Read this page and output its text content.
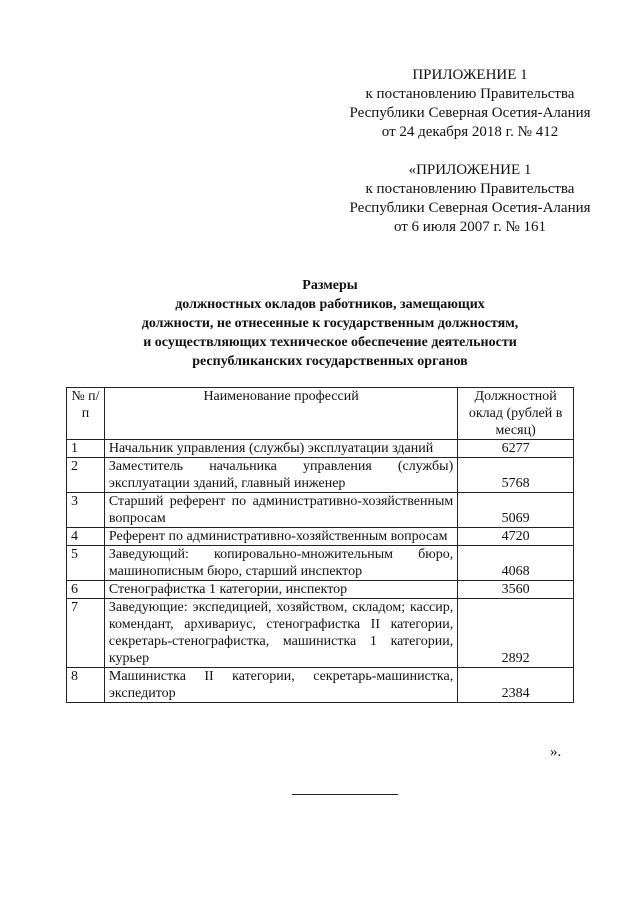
ПРИЛОЖЕНИЕ 1
к постановлению Правительства
Республики Северная Осетия-Алания
от 24 декабря 2018 г. № 412
«ПРИЛОЖЕНИЕ 1
к постановлению Правительства
Республики Северная Осетия-Алания
от 6 июля 2007 г. № 161
Размеры
должностных окладов работников, замещающих
должности, не отнесенные к государственным должностям,
и осуществляющих техническое обеспечение деятельности
республиканских государственных органов
№ п/п	Наименование профессий	Должностной оклад (рублей в месяц)
1	Начальник управления (службы) эксплуатации зданий	6277
2	Заместитель начальника управления (службы) эксплуатации зданий, главный инженер	5768
3	Старший референт по административно-хозяйственным вопросам	5069
4	Референт по административно-хозяйственным вопросам	4720
5	Заведующий: копировально-множительным бюро, машинописным бюро, старший инспектор	4068
6	Стенографистка 1 категории, инспектор	3560
7	Заведующие: экспедицией, хозяйством, складом; кассир, комендант, архивариус, стенографистка II категории, секретарь-стенографистка, машинистка 1 категории, курьер	2892
8	Машинистка II категории, секретарь-машинистка, экспедитор	2384
».
